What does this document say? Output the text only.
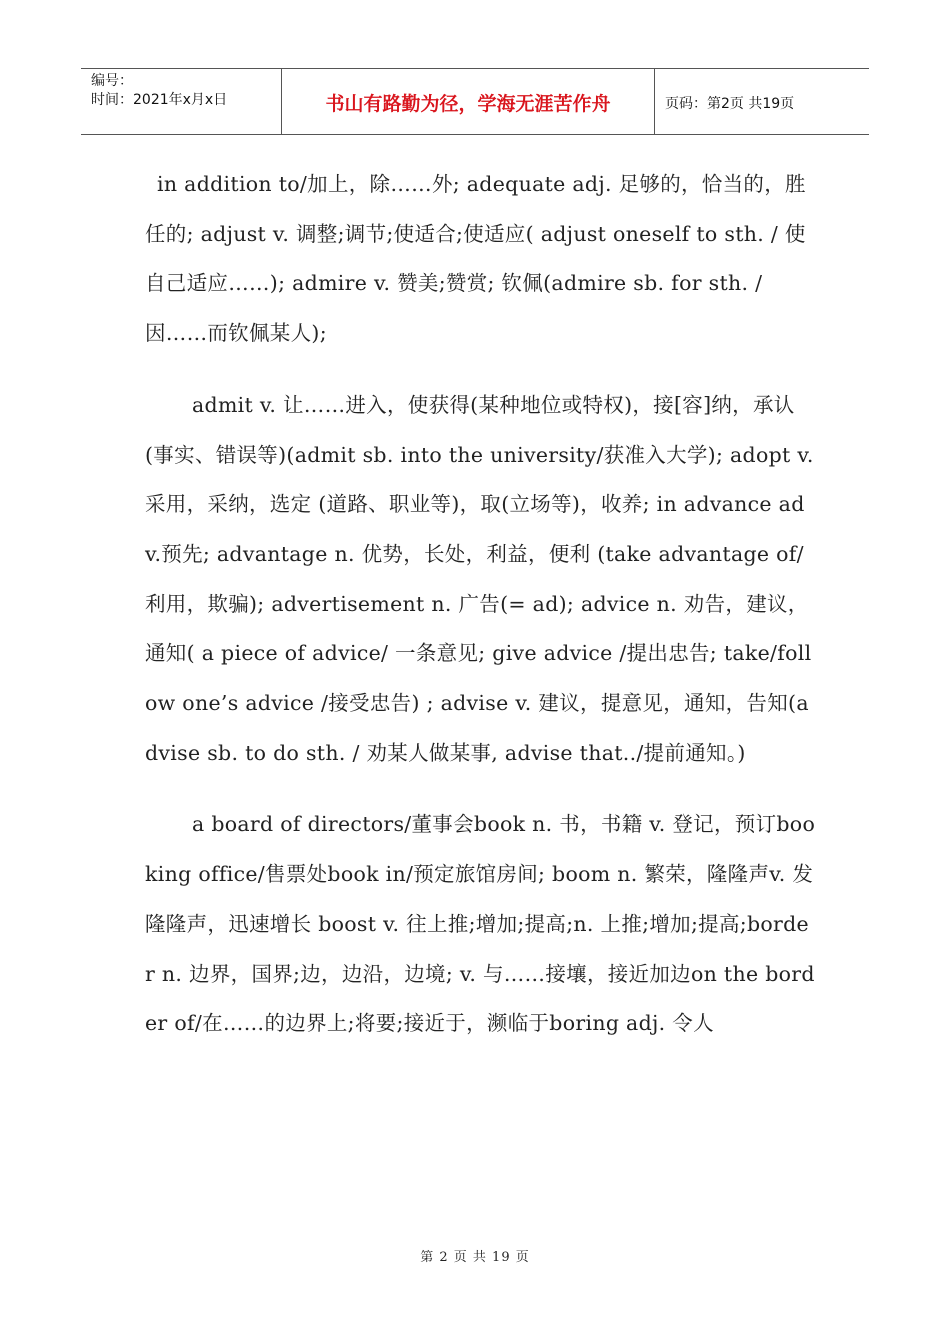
编号：
时间：2021年x月x日	书山有路勤为径，学海无涯苦作舟	页码：第2页 共19页

in addition to/加上，除……外; adequate adj. 足够的，恰当的，胜任的; adjust v. 调整;调节;使适合;使适应( adjust oneself to sth. / 使自己适应……); admire v. 赞美;赞赏; 钦佩(admire sb. for sth. /因……而钦佩某人);

admit v. 让……进入，使获得(某种地位或特权)，接[容]纳，承认(事实、错误等)(admit sb. into the university/获准入大学); adopt v. 采用，采纳，选定 (道路、职业等)，取(立场等)，收养; in advance adv.预先; advantage n. 优势，长处，利益，便利 (take advantage of/ 利用，欺骗); advertisement n. 广告(= ad); advice n. 劝告，建议，通知( a piece of advice/ 一条意见; give advice /提出忠告; take/follow one’s advice /接受忠告) ; advise v. 建议，提意见，通知，告知(advise sb. to do sth. / 劝某人做某事, advise that../提前通知。)

a board of directors/董事会book n. 书，书籍 v. 登记，预订booking office/售票处book in/预定旅馆房间; boom n. 繁荣，隆隆声v. 发隆隆声，迅速增长 boost v. 往上推;增加;提高;n. 上推;增加;提高;border n. 边界，国界;边，边沿，边境; v. 与……接壤，接近加边on the border of/在……的边界上;将要;接近于，濒临于boring adj. 令人

第 2 页 共 19 页
